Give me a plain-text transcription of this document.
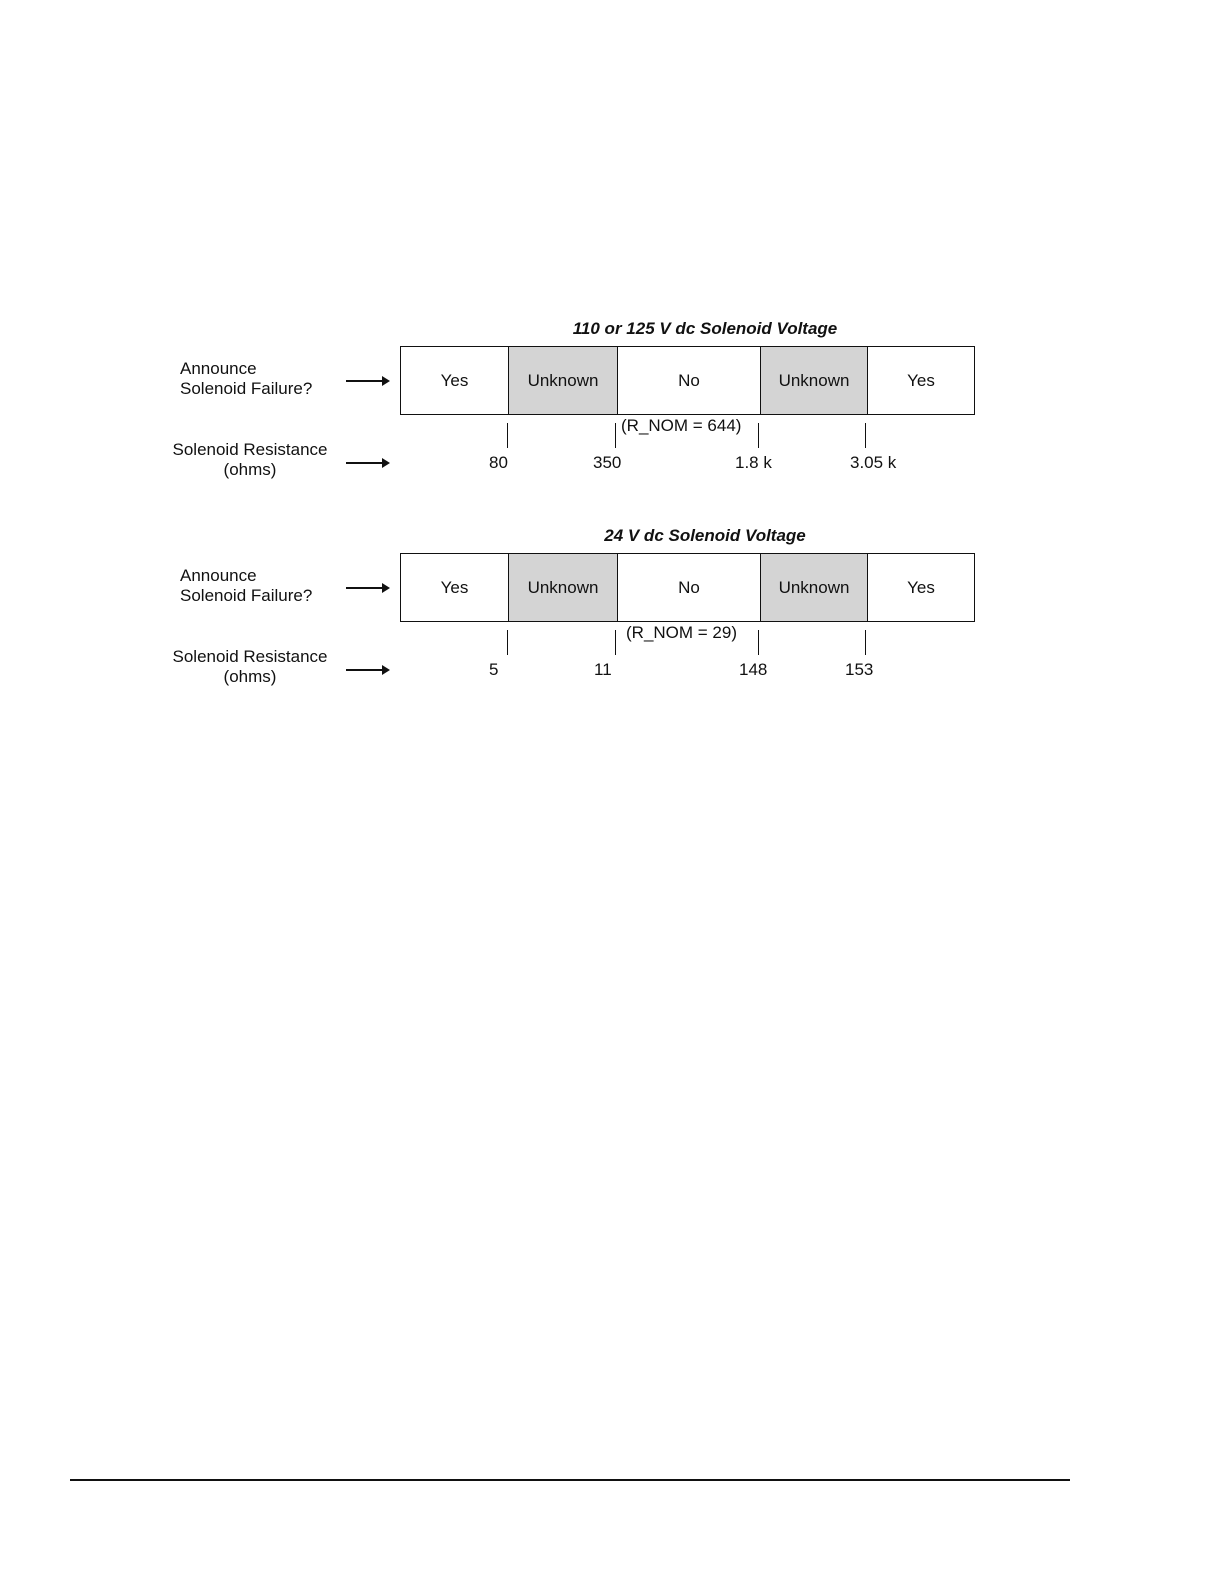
110 or 125 V dc Solenoid Voltage
Announce
Solenoid Failure?	Yes	Unknown	No	Unknown	Yes
Solenoid Resistance
(ohms)
(R_NOM = 644)
80	350	1.8 k	3.05 k
24 V dc Solenoid Voltage
Announce
Solenoid Failure?	Yes	Unknown	No	Unknown	Yes
Solenoid Resistance
(ohms)
(R_NOM = 29)
5	11	148	153
